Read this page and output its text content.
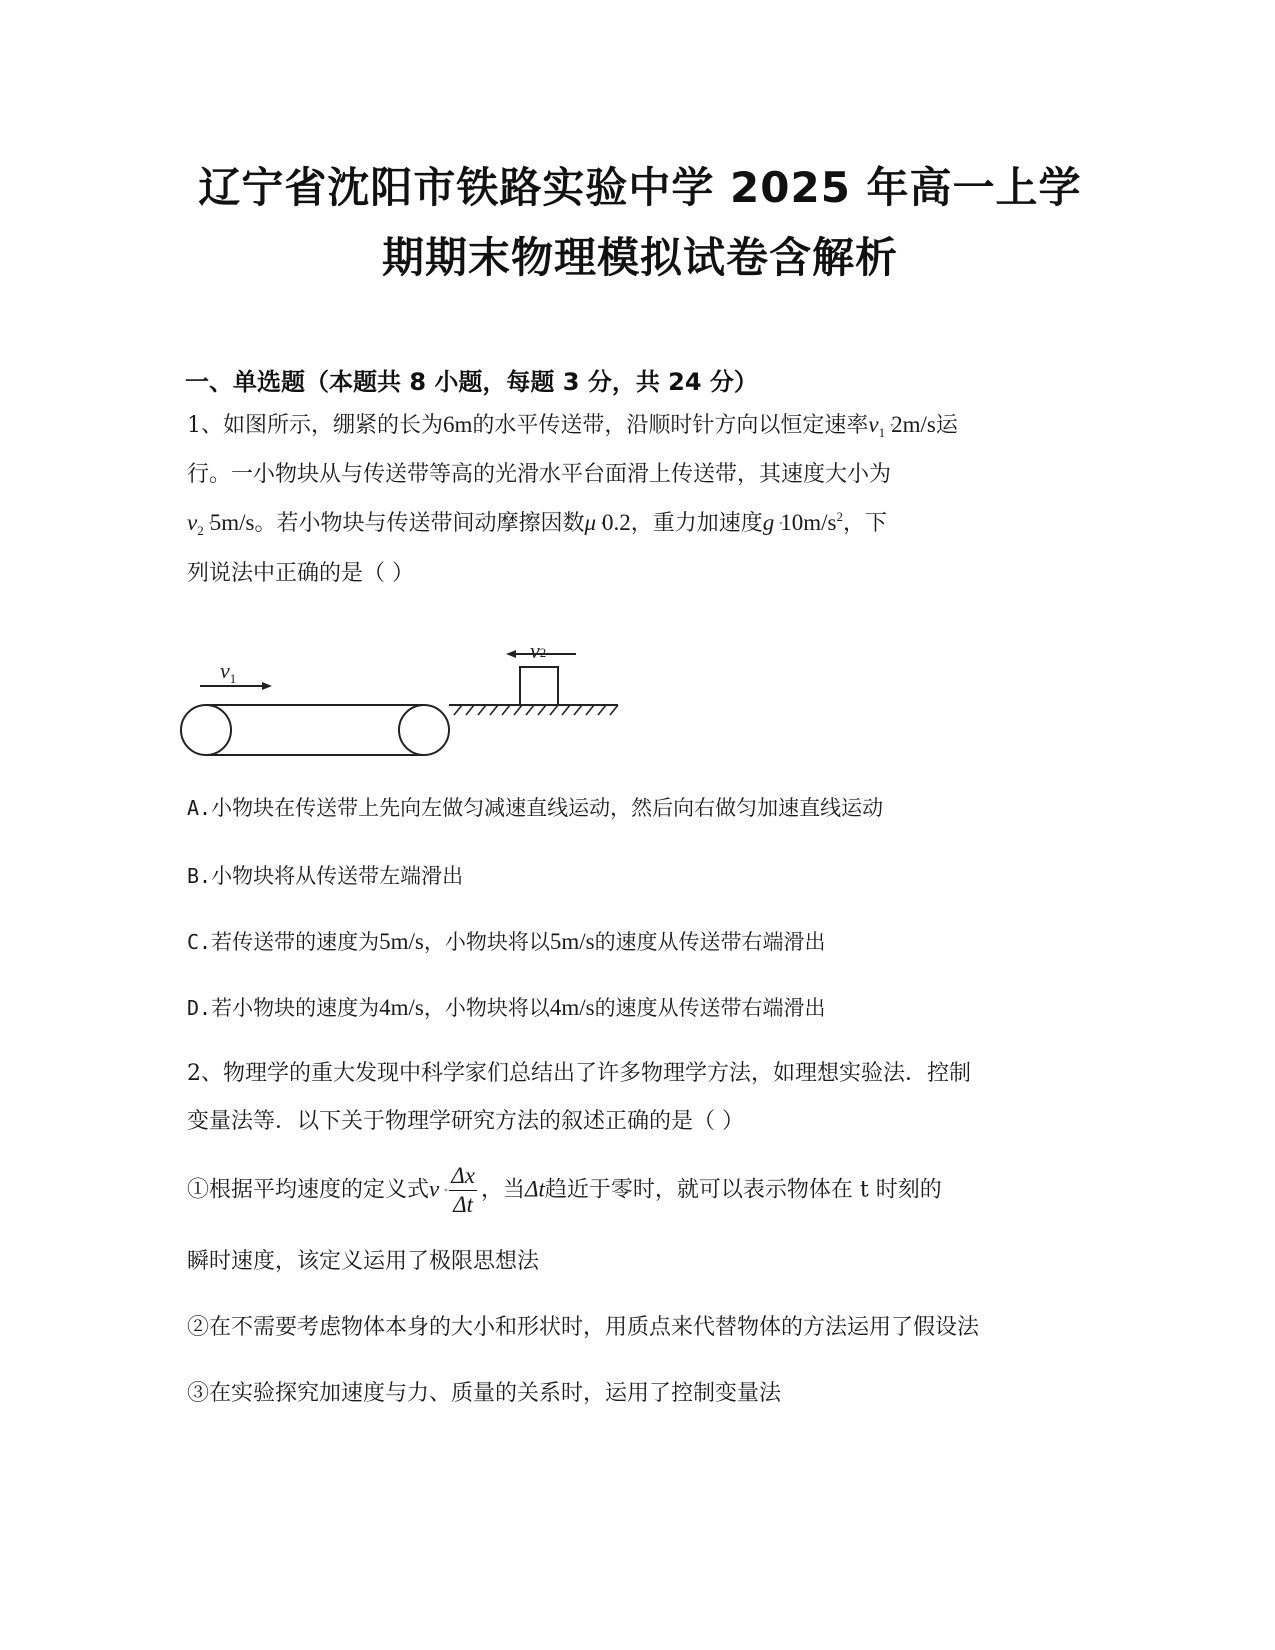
辽宁省沈阳市铁路实验中学 2025 年高一上学
期期末物理模拟试卷含解析
一、单选题（本题共 8 小题，每题 3 分，共 24 分）
1、如图所示，绷紧的长为6m的水平传送带，沿顺时针方向以恒定速率$v_1$ 2m/s运
行。一小物块从与传送带等高的光滑水平台面滑上传送带，其速度大小为
$v_2$ 5m/s。若小物块与传送带间动摩擦因数μ 0.2，重力加速度g $10m/s^2$，下
列说法中正确的是（ ）
$v_1$
$v_2$
A.小物块在传送带上先向左做匀减速直线运动，然后向右做匀加速直线运动
B.小物块将从传送带左端滑出
C.若传送带的速度为5m/s，小物块将以5m/s的速度从传送带右端滑出
D.若小物块的速度为4m/s，小物块将以4m/s的速度从传送带右端滑出
2、物理学的重大发现中科学家们总结出了许多物理学方法，如理想实验法．控制
变量法等．以下关于物理学研究方法的叙述正确的是（ ）
①根据平均速度的定义式v $\frac{\Delta x}{\Delta t}$ ，当Δt趋近于零时，就可以表示物体在 t 时刻的
瞬时速度，该定义运用了极限思想法
②在不需要考虑物体本身的大小和形状时，用质点来代替物体的方法运用了假设法
③在实验探究加速度与力、质量的关系时，运用了控制变量法
